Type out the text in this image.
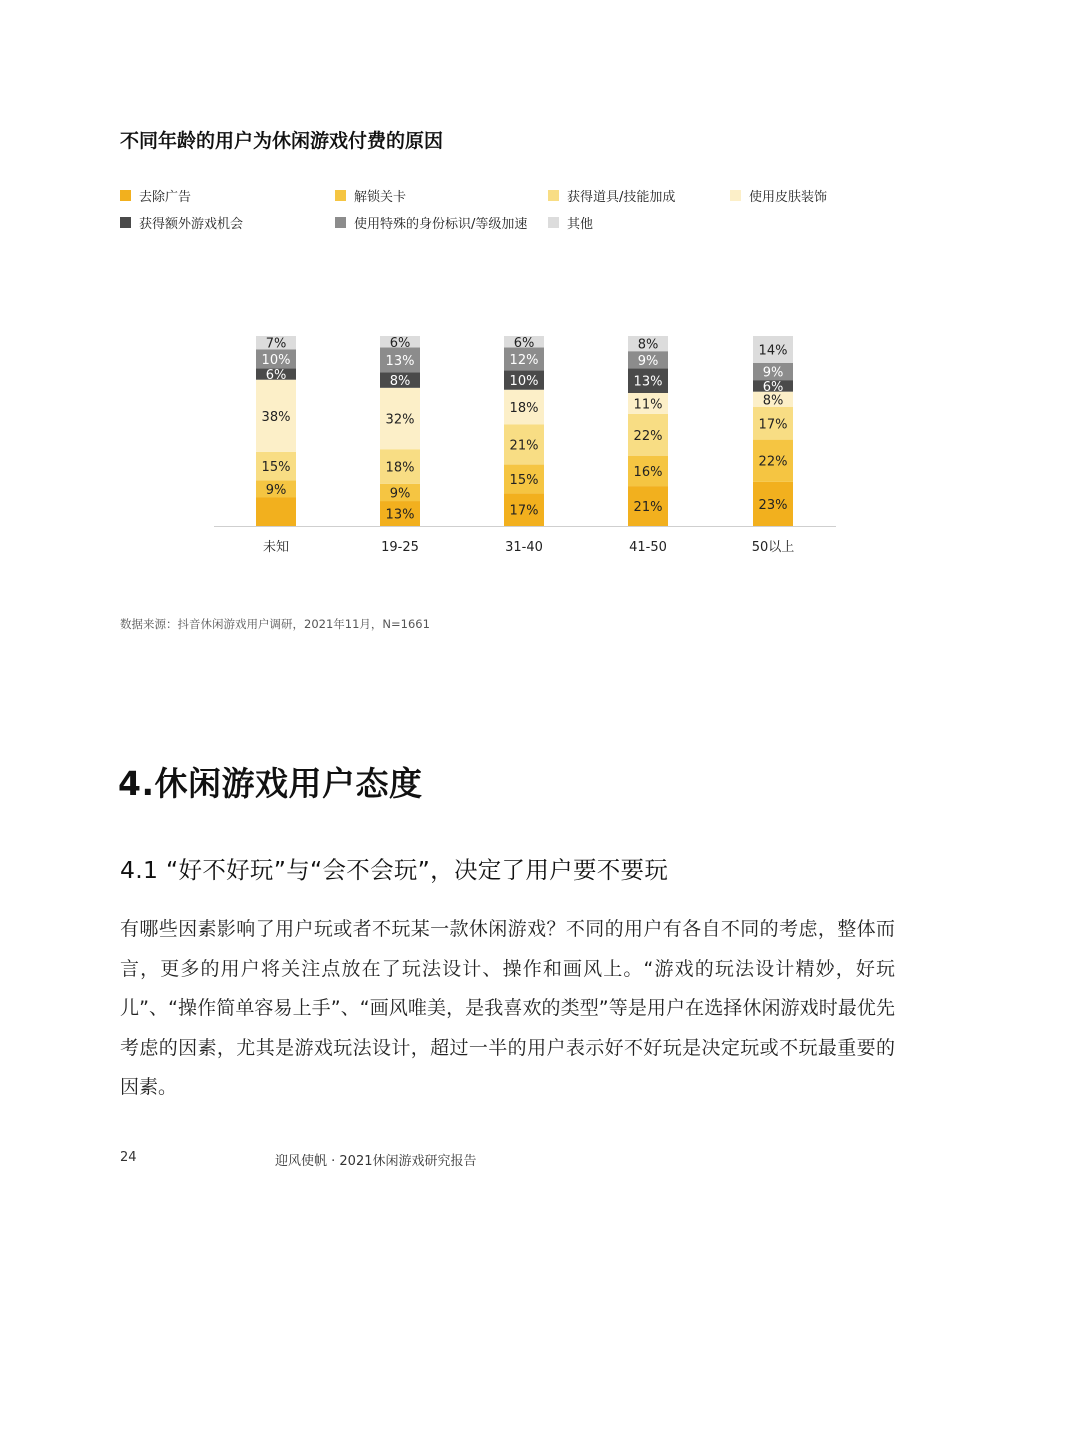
不同年龄的用户为休闲游戏付费的原因
去除广告	解锁关卡	获得道具/技能加成	使用皮肤装饰
获得额外游戏机会	使用特殊的身份标识/等级加速	其他
9%
15%
38%
6%
10%
7%
未知
13%
9%
18%
32%
8%
13%
6%
19-25
17%
15%
21%
18%
10%
12%
6%
31-40
21%
16%
22%
11%
13%
9%
8%
41-50
23%
22%
17%
8%
6%
9%
14%
50以上
数据来源：抖音休闲游戏用户调研，2021年11月，N=1661
4.休闲游戏用户态度
4.1 “好不好玩”与“会不会玩”，决定了用户要不要玩
有哪些因素影响了用户玩或者不玩某一款休闲游戏？不同的用户有各自不同的考虑，整体而言，更多的用户将关注点放在了玩法设计、操作和画风上。“游戏的玩法设计精妙，好玩儿”、“操作简单容易上手”、“画风唯美，是我喜欢的类型”等是用户在选择休闲游戏时最优先考虑的因素，尤其是游戏玩法设计，超过一半的用户表示好不好玩是决定玩或不玩最重要的因素。
24	迎风使帆 · 2021休闲游戏研究报告
